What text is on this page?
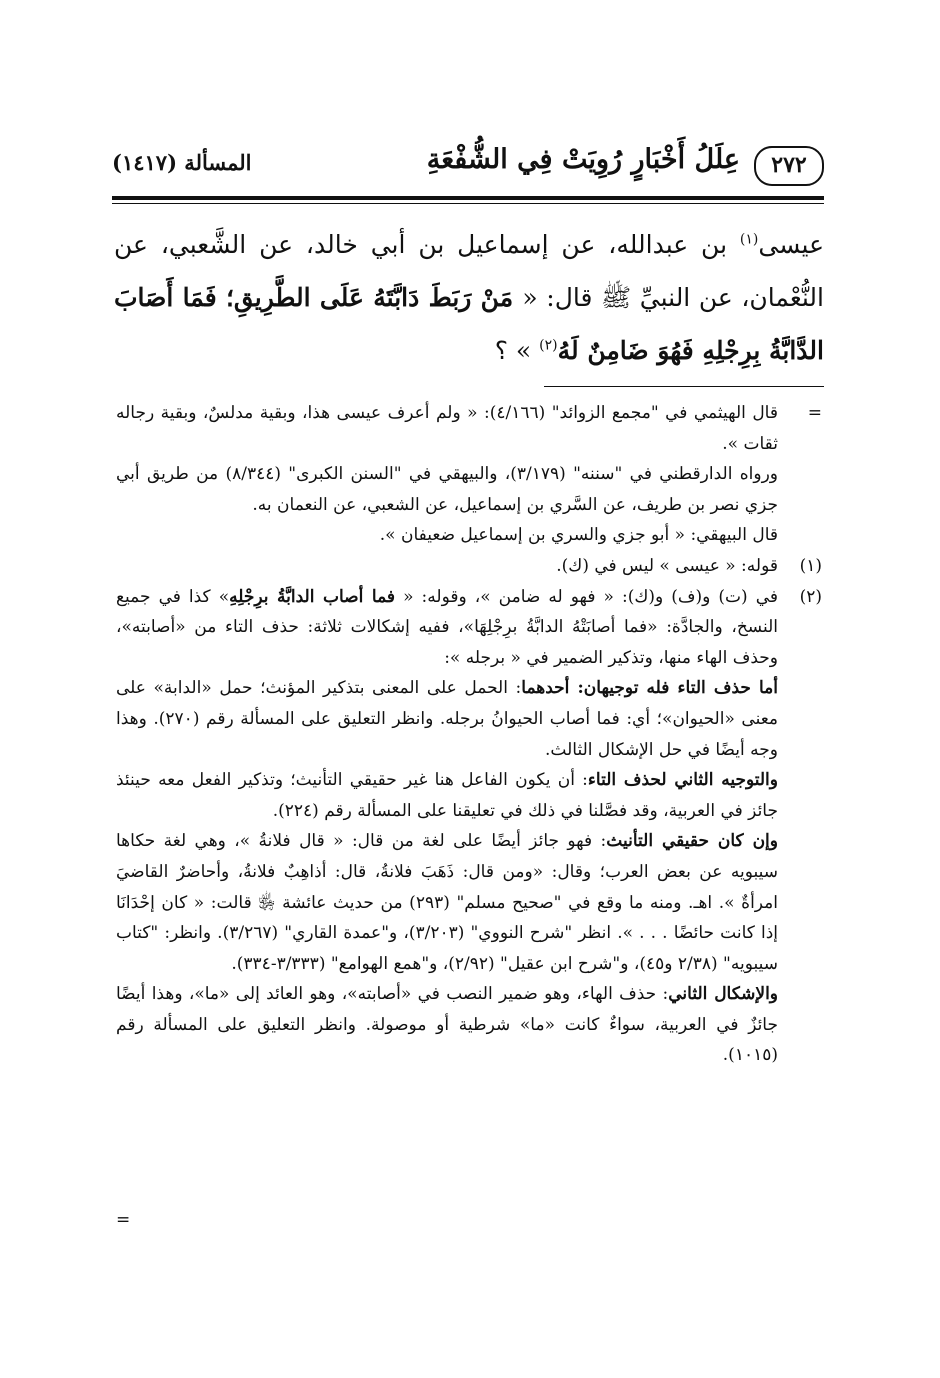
٢٧٢
عِلَلُ أَخْبَارٍ رُوِيَتْ فِي الشُّفْعَةِ
المسألة (١٤١٧)

عيسى$^{(١)}$ بن عبدالله، عن إسماعيل بن أبي خالد، عن الشَّعبي، عن النُّعْمان، عن النبيِّ ﷺ قال: « مَنْ رَبَطَ دَابَّتَهُ عَلَى الطَّرِيقِ؛ فَمَا أَصَابَ الدَّابَّةُ بِرِجْلِهِ فَهُوَ ضَامِنٌ لَهُ$^{(٢)}$ » ؟

=
قال الهيثمي في "مجمع الزوائد" (٤/١٦٦): « ولم أعرف عيسى هذا، وبقية مدلسٌ، وبقية رجاله ثقات ».

ورواه الدارقطني في "سننه" (٣/١٧٩)، والبيهقي في "السنن الكبرى" (٨/٣٤٤) من طريق أبي جزي نصر بن طريف، عن السَّري بن إسماعيل، عن الشعبي، عن النعمان به.

قال البيهقي: « أبو جزي والسري بن إسماعيل ضعيفان ».

(١)
قوله: « عيسى » ليس في (ك).

(٢)
في (ت) و(ف) و(ك): « فهو له ضامن »، وقوله: « فما أصاب الدابَّةُ برِجْلِهِ» كذا في جميع النسخ، والجادَّة: «فما أصابَتْهُ الدابَّةُ برِجْلِهَا»، ففيه إشكالات ثلاثة: حذف التاء من «أصابته»، وحذف الهاء منها، وتذكير الضمير في « برجله »:

أما حذف التاء فله توجيهان: أحدهما: الحمل على المعنى بتذكير المؤنث؛ حمل «الدابة» على معنى «الحيوان»؛ أي: فما أصاب الحيوانُ برجله. وانظر التعليق على المسألة رقم (٢٧٠). وهذا وجه أيضًا في حل الإشكال الثالث.

والتوجيه الثاني لحذف التاء: أن يكون الفاعل هنا غير حقيقي التأنيث؛ وتذكير الفعل معه حينئذ جائز في العربية، وقد فصَّلنا في ذلك في تعليقنا على المسألة رقم (٢٢٤).

وإن كان حقيقي التأنيث: فهو جائز أيضًا على لغة من قال: « قال فلانةُ »، وهي لغة حكاها سيبويه عن بعض العرب؛ وقال: «ومن قال: ذَهَبَ فلانةُ، قال: أذاهِبٌ فلانةُ، وأحاضرٌ القاضيَ امرأةٌ ». اهـ. ومنه ما وقع في "صحيح مسلم" (٢٩٣) من حديث عائشة ﵂ قالت: « كان إحْدَانَا إذا كانت حائضًا . . . ». انظر "شرح النووي" (٣/٢٠٣)، و"عمدة القاري" (٣/٢٦٧). وانظر: "كتاب سيبويه" (٢/٣٨ و٤٥)، و"شرح ابن عقيل" (٢/٩٢)، و"همع الهوامع" (٣/٣٣٣-٣٣٤).

والإشكال الثاني: حذف الهاء، وهو ضمير النصب في «أصابته»، وهو العائد إلى «ما»، وهذا أيضًا جائزٌ في العربية، سواءٌ كانت «ما» شرطية أو موصولة. وانظر التعليق على المسألة رقم (١٠١٥).

=
